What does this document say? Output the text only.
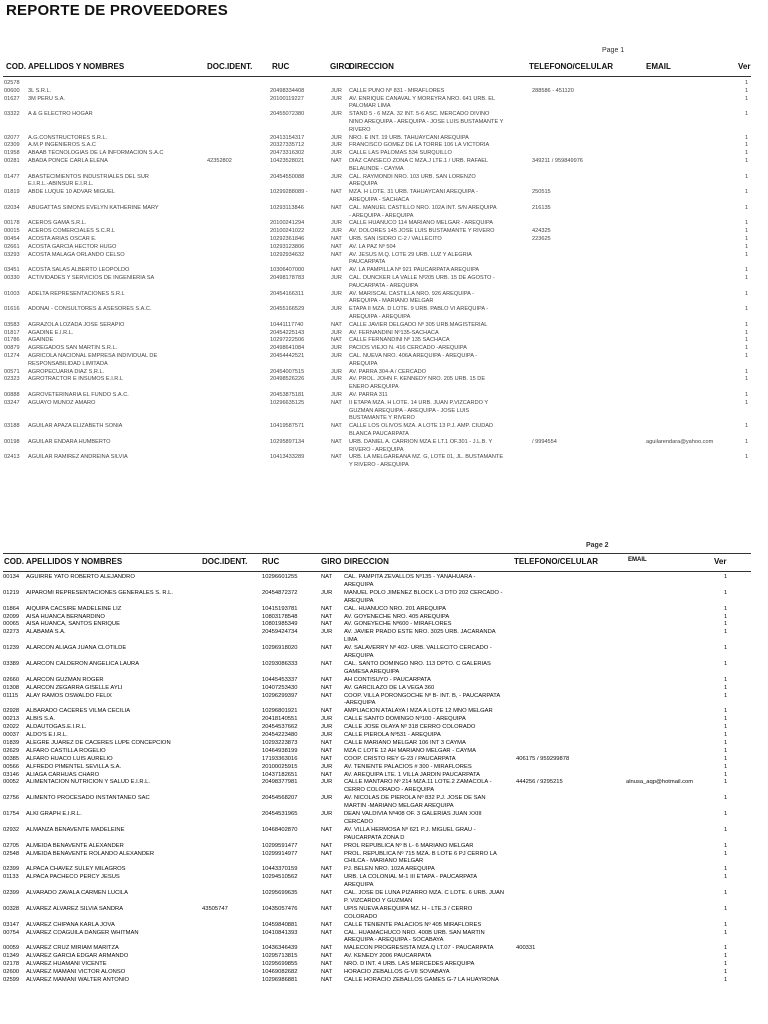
REPORTE DE PROVEEDORES
Page 1
COD. APELLIDOS Y NOMBRES	DOC.IDENT. RUC	GIRO
DIRECCION	TELEFONO/CELULAR	EMAIL	Ver
02578	1
00600	3L S.R.L.	20498334408	JUR	CALLE PUNO Nº 831 - MIRAFLORES	288586 - 451120	1
01627	3M PERU S.A.	20100119227	JUR	AV. ENRIQUE CANAVAL Y MOREYRA NRO. 641 URB. EL	1
PALOMAR LIMA
03322	A & G ELECTRO HOGAR	20455072380	JUR	STAND 5 - 6 MZA. 32 INT. 5-6 ASC. MERCADO DIVINO	1
NIÑO AREQUIPA - AREQUIPA - JOSE LUIS BUSTAMANTE Y
RIVERO
02077	A.G.CONSTRUCTORES S.R.L.	20413154317	JUR	NRO. E INT. 19 URB. TAHUAYCANI AREQUIPA	1
02309	A.M.P INGENIEROS S.A.C	20327335712	JUR	FRANCISCO GOMEZ DE LA TORRE 106 LA VICTORIA	1
01958	ABAAB TECNOLOGIAS DE LA INFORMACION S.A.C	20473316302	JUR	CALLE LAS PALOMAS 534 SURQUILLO	1
00281	ABADA PONCE CARLA ELENA	42352802	10423528021	NAT	DIAZ CANSECO ZONA C MZA.J LTE.1 / URB. RAFAEL	349211 / 959849976	1
BELAUNDE - CAYMA
01477	ABASTECIMIENTOS INDUSTRIALES DEL SUR	20454550088	JUR	CAL. RAYMONDI NRO. 103 URB. SAN LORENZO	1
E.I.R.L.-ABINSUR E.I.R.L.	AREQUIPA
01819	ABDE LUQUE 10 ADVAR MIGUEL	10299288089 -	NAT	MZA. H LOTE. 31 URB. TAHUAYCANI AREQUIPA -	250515	1
AREQUIPA - SACHACA
02034	ABUGATTAS SIMONS EVELYN KATHERINE MARY	10293113846	NAT	CAL. MANUEL CASTILLO NRO. 102A INT. S/N AREQUIPA	216135	1
- AREQUIPA - AREQUIPA
00178	ACEROS GAMA S.R.L.	20100241294	JUR	CALLE HUANUCO 114 MARIANO MELGAR - AREQUIPA	1
00015	ACEROS COMERCIALES S.C.R.L	20100241022	JUR	AV. DOLORES 145 JOSE LUIS BUSTAMANTE Y RIVERO	424325	1
00454	ACOSTA ARIAS OSCAR E.	10292361846	NAT	URB. SAN ISIDRO C-2 / VALLECITO	223625	1
02661	ACOSTA GARCIA HECTOR HUGO	10293123806	NAT	AV. LA PAZ Nº 504	1
03293	ACOSTA MALAGA ORLANDO CELSO	10292934632	NAT	AV. JESUS M.Q. LOTE 29 URB. LUZ Y ALEGRIA	1
PAUCARPATA
03451	ACOSTA SALAS ALBERTO LEOPOLDO	10306407000	NAT	AV. LA PAMPILLA Nº 921 PAUCARPATA AREQUIPA	1
00330	ACTIVIDADES Y SERVICIOS DE INGENIERIA SA	20498178783	JUR	CAL. DUNCKER LA VALLE Nº205 URB. 15 DE AGOSTO -	1
PAUCARPATA - AREQUIPA
01003	ADELTA REPRESENTACIONES S.R.L	20454166311	JUR	AV. MARISCAL CASTILLA NRO. 926 AREQUIPA -	1
AREQUIPA - MARIANO MELGAR
01616	ADONAI - CONSULTORES & ASESORES S.A.C.	20455166529	JUR	ETAPA II MZA. D LOTE. 9 URB. PABLO VI AREQUIPA -	1
AREQUIPA - AREQUIPA
03583	AGRAZOLA LOZADA JOSE SERAPIO	10441117740	NAT	CALLE JAVIER DELGADO Nº 305 URB.MAGISTERIAL	1
01817	AGADINE E.I.R.L.	20454225143	JUR	AV. FERNANDINI Nº135-SACHACA	1
01786	AGAINDE	10297222506	NAT	CALLE FERNANDINI Nº 135 SACHACA	1
00879	AGREGADOS SAN MARTIN S.R.L.	20498641084	JUR	PACIOS VIEJO N. 416 CERCADO -AREQUIPA	1
01274	AGRICOLA NACIONAL EMPRESA INDIVIDUAL DE	20454442521	JUR	CAL. NUEVA NRO. 406A AREQUIPA - AREQUIPA -	1
RESPONSABILIDAD LIMITADA	AREQUIPA
00571	AGROPECUARIA DIAZ S.R.L.	20454007515	JUR	AV. PARRA 304-A / CERCADO	1
02323	AGROTRACTOR E INSUMOS E.I.R.L	20498526226	JUR	AV. PROL. JOHN F. KENNEDY NRO. 205 URB. 15 DE	1
ENERO AREQUIPA
00888	AGROVETERINARIA EL FUNDO S.A.C.	20453875181	JUR	AV. PARRA 311	1
03247	AGUAYO MUÑOZ AMARO	10296635125	NAT	II ETAPA MZA. H LOTE. 14 URB. JUAN P.VIZCARDO Y	1
GUZMAN AREQUIPA - AREQUIPA - JOSE LUIS
BUSTAMANTE Y RIVERO
03188	AGUILAR APAZA ELIZABETH SONIA	10419587571	NAT	CALLE LOS OLIVOS MZA. A LOTE 13 P.J. AMP. CIUDAD	1
BLANCA PAUCARPATA
00198	AGUILAR ENDARA HUMBERTO	10295897134	NAT	URB. DANIEL A. CARRION MZA.E LT.1 OF.301 - J.L.B. Y	/ 9994554	aguilarendara@yahoo.com	1
RIVERO - AREQUIPA
02413	AGUILAR RAMIREZ ANDREINA SILVIA	10413433289	NAT	URB. LA MELGAREANA MZ. G, LOTE 01, JL. BUSTAMANTE	1
Y RIVERO - AREQUIPA
Page 2
COD. APELLIDOS Y NOMBRES	DOC.IDENT. RUC	GIRO DIRECCION	TELEFONO/CELULAR	EMAIL	Ver
00134	AGUIRRE YATO ROBERTO ALEJANDRO	10296601255	NAT	CAL. PAMPITA ZEVALLOS Nº135 - YANAHUARA -	1
AREQUIPA
01219	AIPAROMI REPRESENTACIONES GENERALES S. R.L.	20454872372	JUR	MANUEL POLO JIMENEZ BLOCK L-3 DTO 202 CERCADO -	1
AREQUIPA
01864	AIQUIPA CACSIRE MADELEINE LIZ	10415193781	NAT	CAL. HUANUCO NRO. 201 AREQUIPA	1
02099	AISA HUANCA BERNARDINO	10803178548	NAT	AV. GOYENECHE NRO. 405 AREQUIPA	1
00065	AISA HUANCA, SANTOS ENRIQUE	10801985349	NAT	AV. GONEYECHE Nº600 - MIRAFLORES	1
02273	ALABAMA S.A.	20459424734	JUR	AV. JAVIER PRADO ESTE NRO. 3025 URB. JACARANDA	1
LIMA
01239	ALARCON ALIAGA JUANA CLOTILDE	10296918020	NAT	AV. SALAVERRY Nº 402- URB. VALLECITO CERCADO -	1
AREQUIPA
03389	ALARCON CALDERON ANGELICA LAURA	10293086333	NAT	CAL. SANTO DOMINGO NRO. 113 DPTO. C GALERIAS	1
GAMESA AREQUIPA
02660	ALARCON GUZMAN ROGER	10445453337	NAT	AH CONTISUYO - PAUCARPATA	1
01308	ALARCON ZEGARRA GISELLE AYLI	10407253430	NAT	AV. GARCILAZO DE LA VEGA 360	1
01115	ALAY RAMOS OSWALDO FELIX	10296299397	NAT	COOP. VILLA PORONGOCHE Nº B- INT. B, - PAUCARPATA	1
-AREQUIPA
02928	ALBARADO CACERES VILMA CECILIA	10296801921	NAT	AMPLIACION ATALAYA I MZA A LOTE 12 MNO MELGAR	1
00213	ALBIS S.A.	20418140551	JUR	CALLE SANTO DOMINGO Nº100 - AREQUIPA	1
02022	ALDAUTOGAS.E.I.R.L.	20454537662	JUR	CALLE JOSE OLAYA Nº 318 CERRO COLORADO	1
00037	ALDO'S E.I.R.L.	20454223480	JUR	CALLE PIEROLA Nº531 - AREQUIPA	1
01839	ALEGRE JUAREZ DE CACERES LUPE CONCEPCION	10293223873	NAT	CALLE MARIANO MELGAR 106 INT 3 CAYMA	1
02629	ALFARO CASTILLA ROGELIO	10464938199	NAT	MZA C LOTE 12 AH MARIANO MELGAR - CAYMA	1
00385	ALFARO HUACO LUIS AURELIO	17193363016	NAT	COOP. CRISTO REY G-23 / PAUCARPATA	406175 / 959299878	1
00566	ALFREDO PIMENTEL SEVILLA S.A.	20100025915	JUR	AV. TENIENTE PALACIOS # 300 - MIRAFLORES	1
03146	ALIAGA CARHUAS CHARO	10437182651	NAT	AV. AREQUIPA LTE. 1 VILLA JARDIN PAUCARPATA	1
00052	ALIMENTACION NUTRICION Y SALUD E.I.R.L.	20498377981	JUR	CALLE MANTARO Nº 214 MZA.11 LOTE.2 ZAMACOLA -	444256 / 9295215	alnusa_aqp@hotmail.com	1
CERRO COLORADO - AREQUIPA
02756	ALIMENTO PROCESADO INSTANTANEO SAC	20454568207	JUR	AV. NICOLAS DE PIEROLA Nº 832 P.J. JOSE DE SAN	1
MARTIN -MARIANO MELGAR AREQUIPA
01754	ALKI GRAPH E.I.R.L.	20454531965	JUR	DEAN VALDIVIA Nº408 OF. 3 GALERIAS JUAN XXIII	1
CERCADO
02932	ALMANZA BENAVENTE MADELEINE	10468402870	NAT	AV. VILLA HERMOSA Nº 621 P.J. MIGUEL GRAU -	1
PAUCARPATA ZONA D
02705	ALMEIDA BENAVENTE ALEXANDER	10299591477	NAT	PROL REPUBLICA Nº B L- 6 MARIANO MELGAR	1
02548	ALMEIDA BENAVENTE ROLANDO ALEXANDER	10299914977	NAT	PROL. REPUBLICA Nº 715 MZA. B LOTE 6 PJ CERRO LA	1
CHILCA - MARIANO MELGAR
02399	ALPACA CHAVEZ SULEY MILAGROS	10443370159	NAT	PJ. BELEN NRO. 102A AREQUIPA	1
01133	ALPACA PACHECO PERCY JESUS	10294510562	NAT	URB. LA COLONIAL M-1 III ETAPA - PAUCARPATA	1
AREQUIPA
02399	ALVARADO ZAVALA CARMEN LUCILA	10295699635	NAT	CAL. JOSE DE LUNA PIZARRO MZA. C LOTE. 6 URB. JUAN	1
P. VIZCARDO Y GUZMAN
00328	ALVAREZ ALVAREZ SILVIA SANDRA	43505747	10435057476	NAT	UPIS NUEVA AREQUIPA MZ. H - LTE.3 / CERRO	1
COLORADO
03147	ALVAREZ CHIPANA KARLA JOVA	10459840881	NAT	CALLE TENIENTE PALACIOS Nº 405 MIRAFLORES	1
00754	ALVAREZ COAGUILA DANGER WHITMAN	10410841393	NAT	CAL. HUAMACHUCO NRO. 400B URB. SAN MARTIN	1
AREQUIPA - AREQUIPA - SOCABAYA
00059	ALVAREZ CRUZ MIRIAM MARITZA	10436346439	NAT	MALECON PROGRESISTA MZA.Q LT.07 - PAUCARPATA	400331	1
01349	ALVAREZ GARCIA EDGAR ARMANDO	10295713815	NAT	AV. KENEDY 2006 PAUCARPATA	1
02178	ALVAREZ HUAMANI VICENTE	10295699855	NAT	NRO. D INT. 4 URB. LAS MERCEDES AREQUIPA	1
02600	ALVAREZ MAMANI VICTOR ALONSO	10469082682	NAT	HORACIO ZEBALLOS G-VII SOVABAYA	1
02599	ALVAREZ MAMANI WALTER ANTONIO	10296986881	NAT	CALLE HORACIO ZEBALLOS GAMES G-7 LA HUAYRONA	1
